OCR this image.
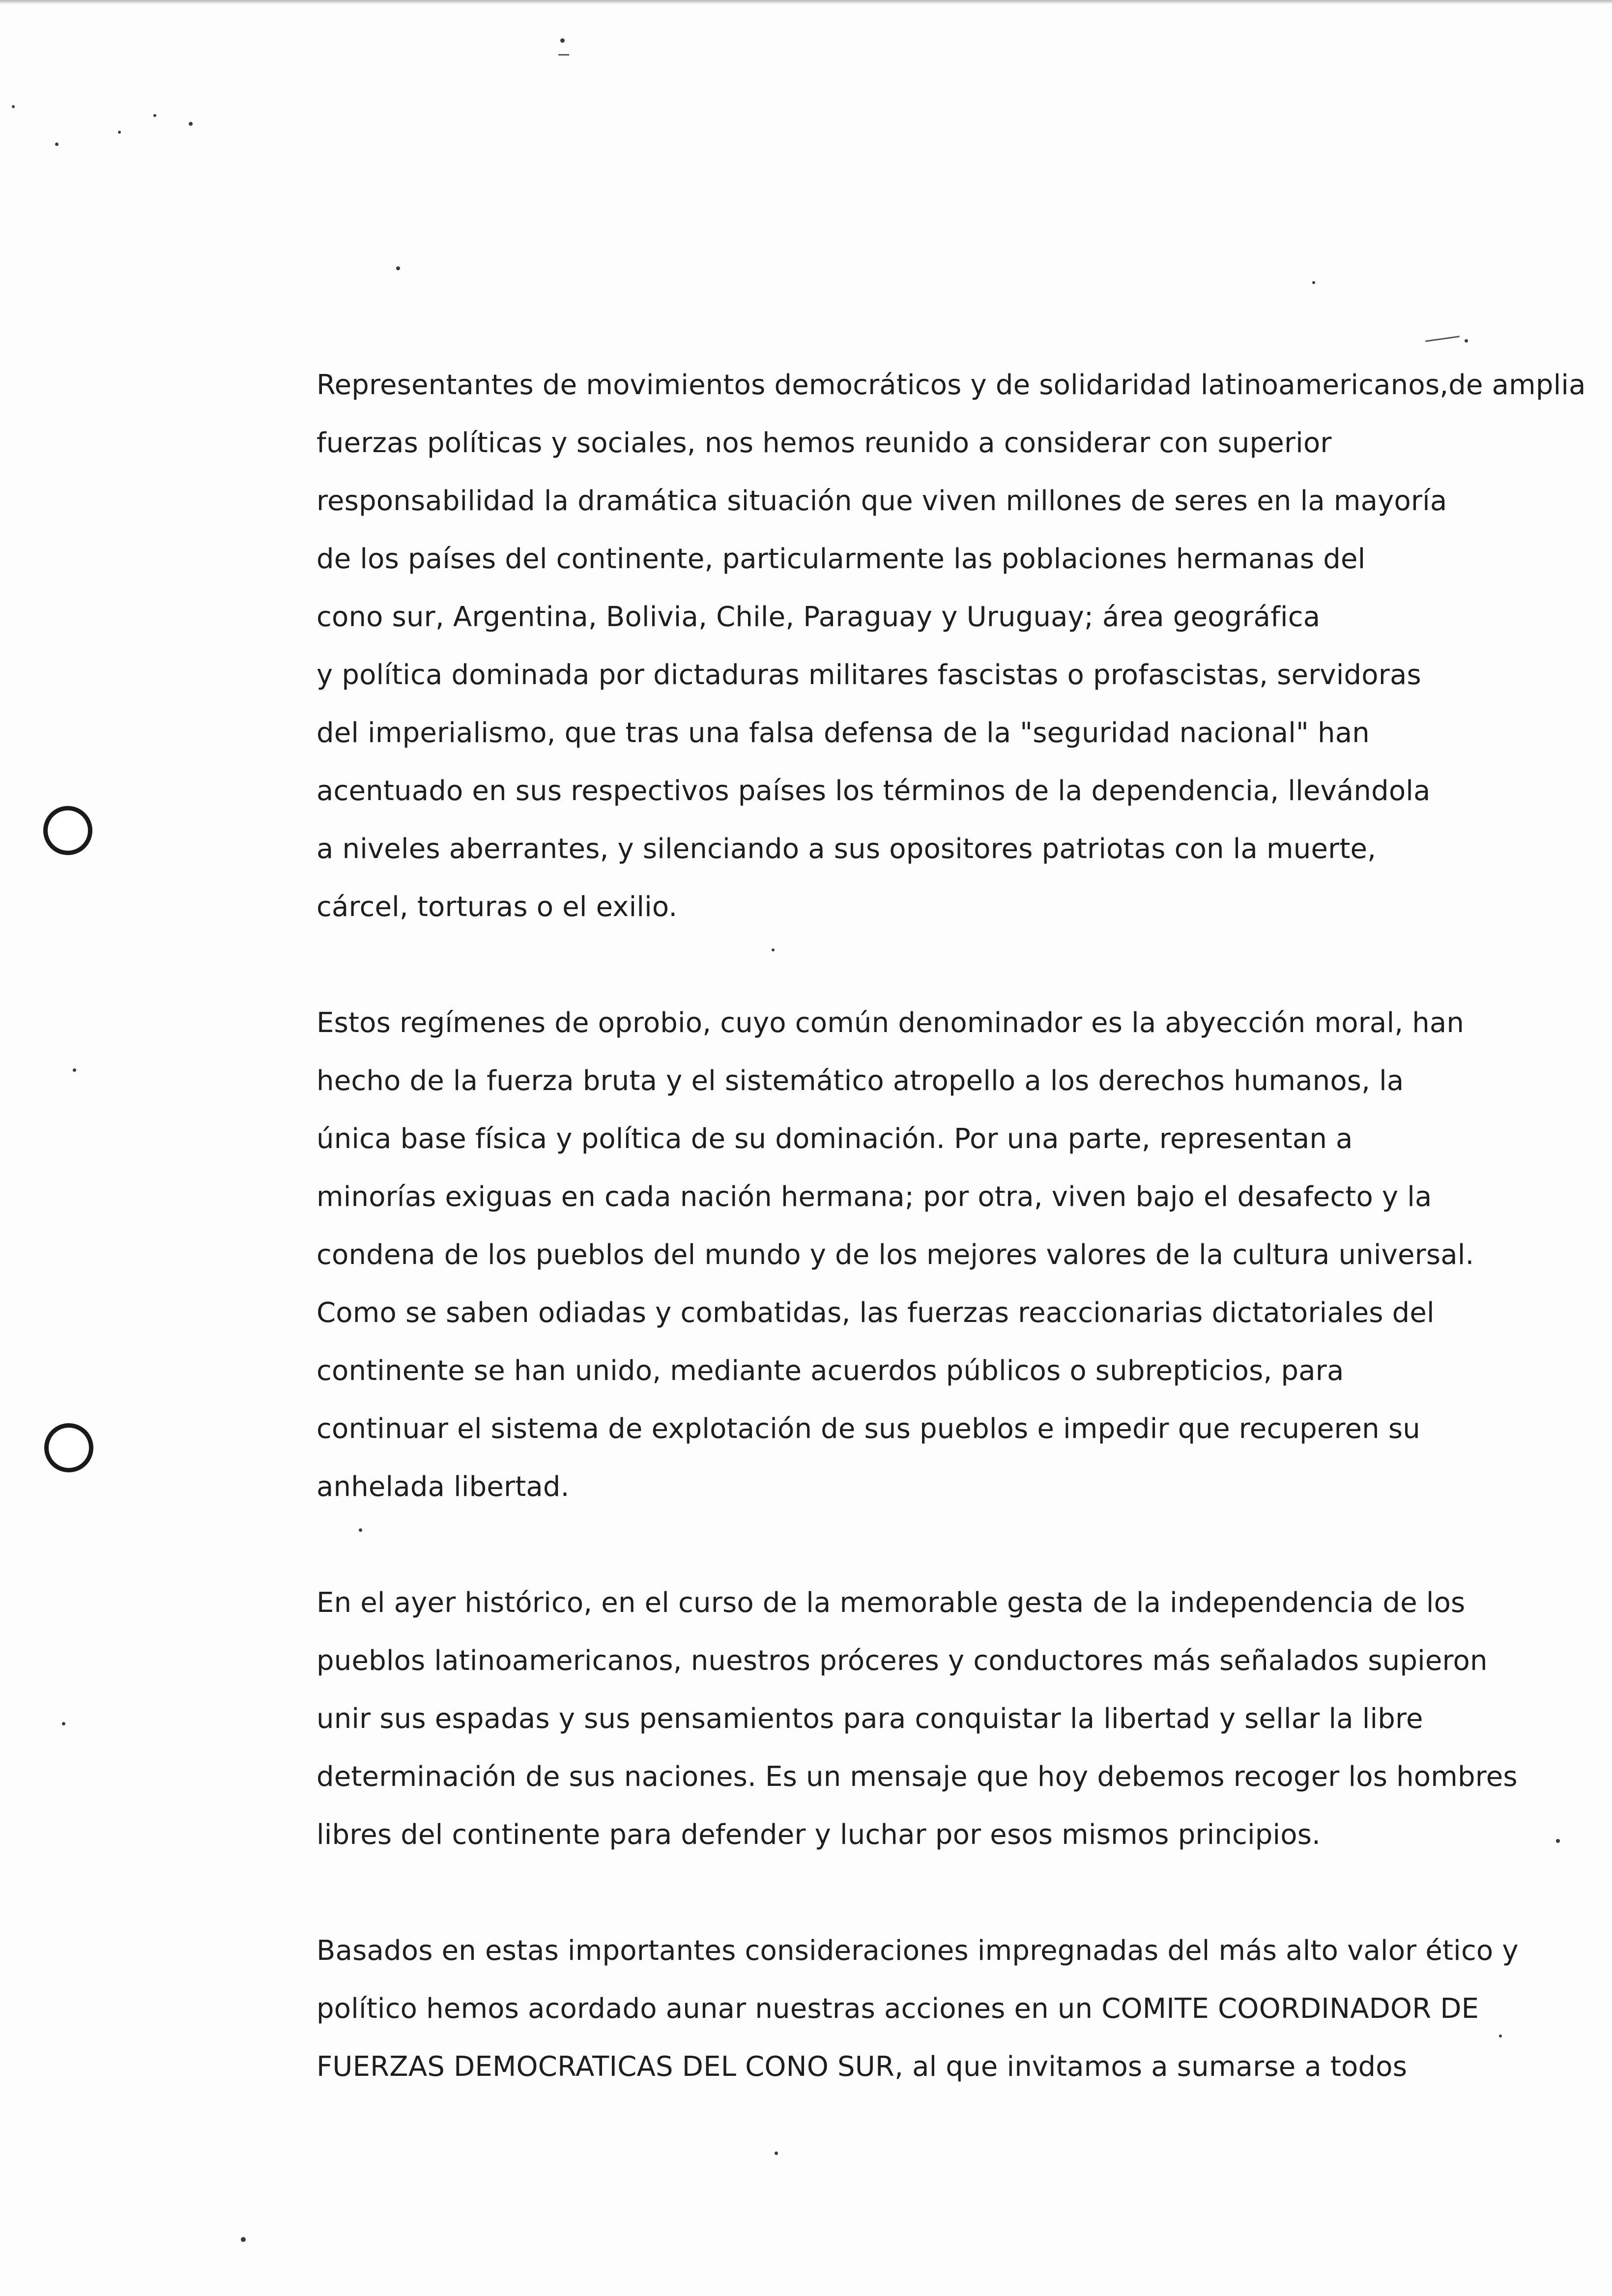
Representantes de movimientos democráticos y de solidaridad latinoamericanos,de amplia
fuerzas políticas y sociales, nos hemos reunido a considerar con superior
responsabilidad la dramática situación que viven millones de seres en la mayoría
de los países del continente, particularmente las poblaciones hermanas del
cono sur, Argentina, Bolivia, Chile, Paraguay y Uruguay; área geográfica
y política dominada por dictaduras militares fascistas o profascistas, servidoras
del imperialismo, que tras una falsa defensa de la "seguridad nacional" han
acentuado en sus respectivos países los términos de la dependencia, llevándola
a niveles aberrantes, y silenciando a sus opositores patriotas con la muerte,
cárcel, torturas o el exilio.

Estos regímenes de oprobio, cuyo común denominador es la abyección moral, han
hecho de la fuerza bruta y el sistemático atropello a los derechos humanos, la
única base física y política de su dominación. Por una parte, representan a
minorías exiguas en cada nación hermana; por otra, viven bajo el desafecto y la
condena de los pueblos del mundo y de los mejores valores de la cultura universal.
Como se saben odiadas y combatidas, las fuerzas reaccionarias dictatoriales del
continente se han unido, mediante acuerdos públicos o subrepticios, para
continuar el sistema de explotación de sus pueblos e impedir que recuperen su
anhelada libertad.

En el ayer histórico, en el curso de la memorable gesta de la independencia de los
pueblos latinoamericanos, nuestros próceres y conductores más señalados supieron
unir sus espadas y sus pensamientos para conquistar la libertad y sellar la libre
determinación de sus naciones. Es un mensaje que hoy debemos recoger los hombres
libres del continente para defender y luchar por esos mismos principios.

Basados en estas importantes consideraciones impregnadas del más alto valor ético y
político hemos acordado aunar nuestras acciones en un COMITE COORDINADOR DE
FUERZAS DEMOCRATICAS DEL CONO SUR, al que invitamos a sumarse a todos
